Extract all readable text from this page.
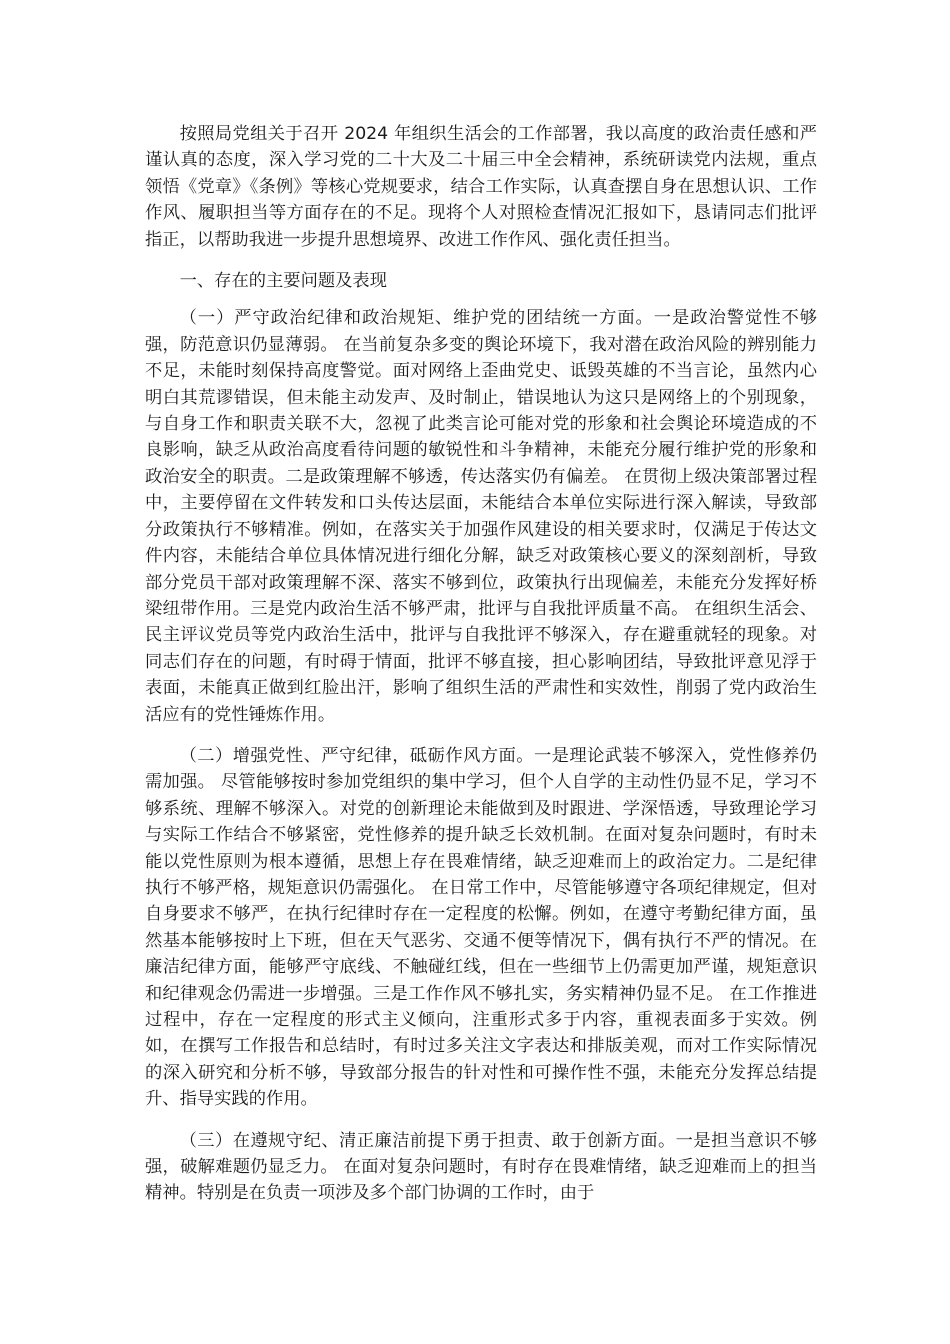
按照局党组关于召开 2024 年组织生活会的工作部署，我以高度的政治责任感和严谨认真的态度，深入学习党的二十大及二十届三中全会精神，系统研读党内法规，重点领悟《党章》《条例》等核心党规要求，结合工作实际，认真查摆自身在思想认识、工作作风、履职担当等方面存在的不足。现将个人对照检查情况汇报如下，恳请同志们批评指正，以帮助我进一步提升思想境界、改进工作作风、强化责任担当。

一、存在的主要问题及表现

（一）严守政治纪律和政治规矩、维护党的团结统一方面。一是政治警觉性不够强，防范意识仍显薄弱。 在当前复杂多变的舆论环境下，我对潜在政治风险的辨别能力不足，未能时刻保持高度警觉。面对网络上歪曲党史、诋毁英雄的不当言论，虽然内心明白其荒谬错误，但未能主动发声、及时制止，错误地认为这只是网络上的个别现象，与自身工作和职责关联不大，忽视了此类言论可能对党的形象和社会舆论环境造成的不良影响，缺乏从政治高度看待问题的敏锐性和斗争精神，未能充分履行维护党的形象和政治安全的职责。二是政策理解不够透，传达落实仍有偏差。 在贯彻上级决策部署过程中，主要停留在文件转发和口头传达层面，未能结合本单位实际进行深入解读，导致部分政策执行不够精准。例如，在落实关于加强作风建设的相关要求时，仅满足于传达文件内容，未能结合单位具体情况进行细化分解，缺乏对政策核心要义的深刻剖析，导致部分党员干部对政策理解不深、落实不够到位，政策执行出现偏差，未能充分发挥好桥梁纽带作用。三是党内政治生活不够严肃，批评与自我批评质量不高。 在组织生活会、民主评议党员等党内政治生活中，批评与自我批评不够深入，存在避重就轻的现象。对同志们存在的问题，有时碍于情面，批评不够直接，担心影响团结，导致批评意见浮于表面，未能真正做到红脸出汗，影响了组织生活的严肃性和实效性，削弱了党内政治生活应有的党性锤炼作用。

（二）增强党性、严守纪律，砥砺作风方面。一是理论武装不够深入，党性修养仍需加强。 尽管能够按时参加党组织的集中学习，但个人自学的主动性仍显不足，学习不够系统、理解不够深入。对党的创新理论未能做到及时跟进、学深悟透，导致理论学习与实际工作结合不够紧密，党性修养的提升缺乏长效机制。在面对复杂问题时，有时未能以党性原则为根本遵循，思想上存在畏难情绪，缺乏迎难而上的政治定力。二是纪律执行不够严格，规矩意识仍需强化。 在日常工作中，尽管能够遵守各项纪律规定，但对自身要求不够严，在执行纪律时存在一定程度的松懈。例如，在遵守考勤纪律方面，虽然基本能够按时上下班，但在天气恶劣、交通不便等情况下，偶有执行不严的情况。在廉洁纪律方面，能够严守底线、不触碰红线，但在一些细节上仍需更加严谨，规矩意识和纪律观念仍需进一步增强。三是工作作风不够扎实，务实精神仍显不足。 在工作推进过程中，存在一定程度的形式主义倾向，注重形式多于内容，重视表面多于实效。例如，在撰写工作报告和总结时，有时过多关注文字表达和排版美观，而对工作实际情况的深入研究和分析不够，导致部分报告的针对性和可操作性不强，未能充分发挥总结提升、指导实践的作用。

（三）在遵规守纪、清正廉洁前提下勇于担责、敢于创新方面。一是担当意识不够强，破解难题仍显乏力。 在面对复杂问题时，有时存在畏难情绪，缺乏迎难而上的担当精神。特别是在负责一项涉及多个部门协调的工作时，由于
